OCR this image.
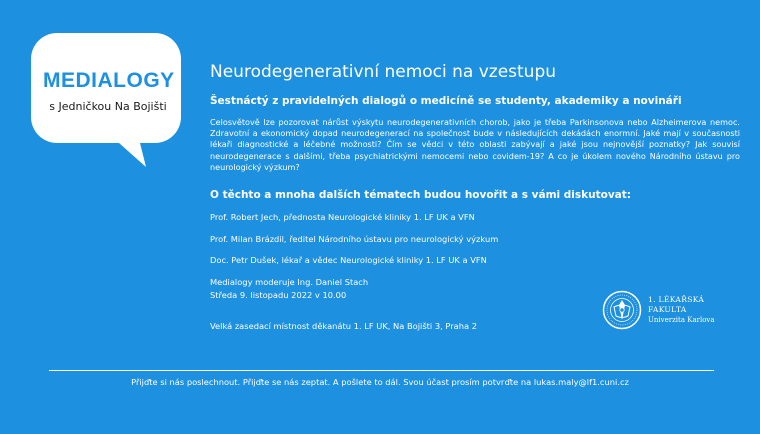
MEDIALOGY
s Jedničkou Na Bojišti
Neurodegenerativní nemoci na vzestupu
Šestnáctý z pravidelných dialogů o medicíně se studenty, akademiky a novináři

Celosvětově lze pozorovat nárůst výskytu neurodegenerativních chorob, jako je třeba Parkinsonova nebo Alzheimerova nemoc. Zdravotní a ekonomický dopad neurodegenerací na společnost bude v následujících dekádách enormní. Jaké mají v současnosti lékaři diagnostické a léčebné možnosti? Čím se vědci v této oblasti zabývají a jaké jsou nejnovější poznatky? Jak souvisí neurodegenerace s dalšími, třeba psychiatrickými nemocemi nebo covidem-19? A co je úkolem nového Národního ústavu pro neurologický výzkum?

O těchto a mnoha dalších tématech budou hovořit a s vámi diskutovat:
Prof. Robert Jech, přednosta Neurologické kliniky 1. LF UK a VFN
Prof. Milan Brázdil, ředitel Národního ústavu pro neurologický výzkum
Doc. Petr Dušek, lékař a vědec Neurologické kliniky 1. LF UK a VFN
Medialogy moderuje Ing. Daniel Stach
Středa 9. listopadu 2022 v 10.00
Velká zasedací místnost děkanátu 1. LF UK, Na Bojišti 3, Praha 2
1. LÉKAŘSKÁ
FAKULTA
Univerzita Karlova
Přijďte si nás poslechnout. Přijďte se nás zeptat. A pošlete to dál. Svou účast prosím potvrďte na lukas.maly@lf1.cuni.cz
